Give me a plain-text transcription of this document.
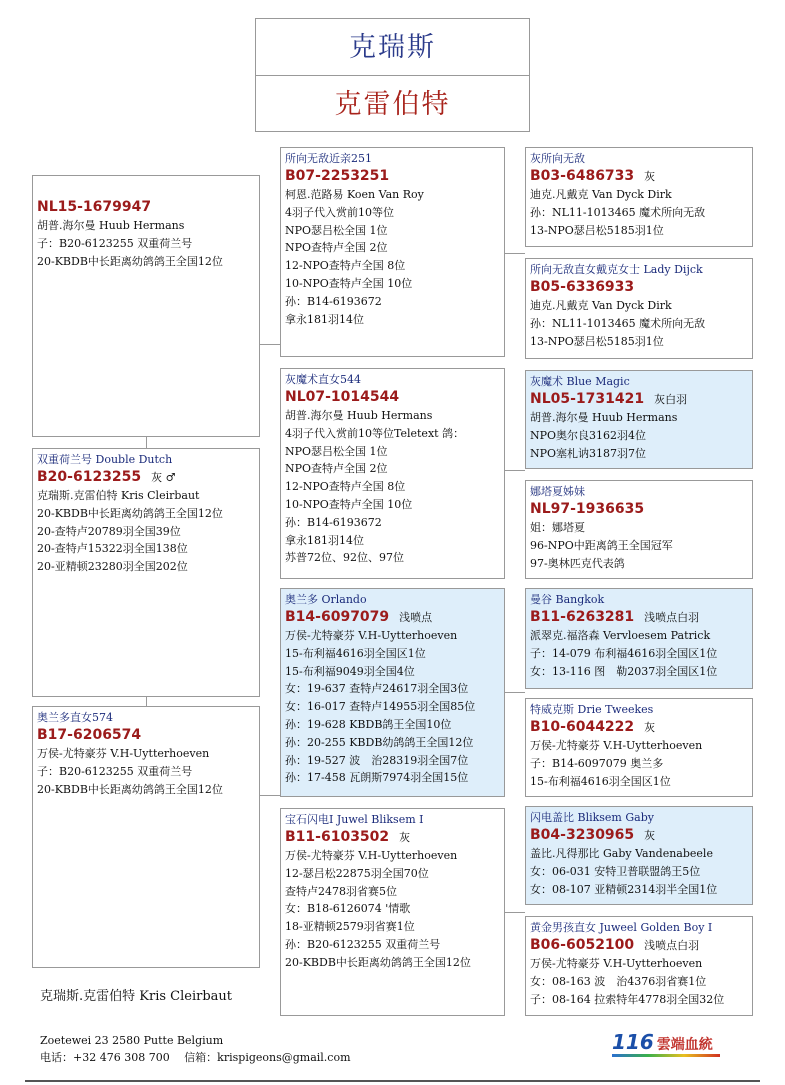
克瑞斯
克雷伯特
NL15-1679947
胡普.海尔曼 Huub Hermans
子：B20-6123255 双重荷兰号
20-KBDB中长距离幼鸽鸽王全国12位
双重荷兰号 Double Dutch
B20-6123255 灰 ♂
克瑞斯.克雷伯特 Kris Cleirbaut
20-KBDB中长距离幼鸽鸽王全国12位
20-查特卢20789羽全国39位
20-查特卢15322羽全国138位
20-亚精顿23280羽全国202位
奥兰多直女574
B17-6206574
万侯-尤特豪芬 V.H-Uytterhoeven
子：B20-6123255 双重荷兰号
20-KBDB中长距离幼鸽鸽王全国12位
所向无敌近亲251
B07-2253251
柯恩.范路易 Koen Van Roy
4羽子代入赏前10等位
NPO瑟吕松全国 1位
NPO查特卢全国 2位
12-NPO查特卢全国 8位
10-NPO查特卢全国 10位
孙：B14-6193672
拿永181羽14位
灰魔术直女544
NL07-1014544
胡普.海尔曼 Huub Hermans
4羽子代入赏前10等位Teletext 鸽：
NPO瑟吕松全国 1位
NPO查特卢全国 2位
12-NPO查特卢全国 8位
10-NPO查特卢全国 10位
孙：B14-6193672
拿永181羽14位
苏普72位、92位、97位
奥兰多 Orlando
B14-6097079 浅喷点
万侯-尤特豪芬 V.H-Uytterhoeven
15-布利福4616羽全国区1位
15-布利福9049羽全国4位
女：19-637 查特卢24617羽全国3位
女：16-017 查特卢14955羽全国85位
孙：19-628 KBDB鸽王全国10位
孙：20-255 KBDB幼鸽鸽王全国12位
孙：19-527 波　治28319羽全国7位
孙：17-458 瓦朗斯7974羽全国15位
宝石闪电I Juwel Bliksem I
B11-6103502 灰
万侯-尤特豪芬 V.H-Uytterhoeven
12-瑟吕松22875羽全国70位
查特卢2478羽省赛5位
女：B18-6126074 '情歌
18-亚精顿2579羽省赛1位
孙：B20-6123255 双重荷兰号
20-KBDB中长距离幼鸽鸽王全国12位
灰所向无敌
B03-6486733 灰
迪克.凡戴克 Van Dyck Dirk
孙：NL11-1013465 魔术所向无敌
13-NPO瑟吕松5185羽1位
所向无敌直女戴克女士 Lady Dijck
B05-6336933
迪克.凡戴克 Van Dyck Dirk
孙：NL11-1013465 魔术所向无敌
13-NPO瑟吕松5185羽1位
灰魔术 Blue Magic
NL05-1731421 灰白羽
胡普.海尔曼 Huub Hermans
NPO奥尔良3162羽4位
NPO塞札讷3187羽7位
娜塔夏姊妹
NL97-1936635
姐：娜塔夏
96-NPO中距离鸽王全国冠军
97-奥林匹克代表鸽
曼谷 Bangkok
B11-6263281 浅喷点白羽
派翠克.福洛森 Vervloesem Patrick
子：14-079 布利福4616羽全国区1位
女：13-116 图　勒2037羽全国区1位
特威克斯 Drie Tweekes
B10-6044222 灰
万侯-尤特豪芬 V.H-Uytterhoeven
子：B14-6097079 奥兰多
15-布利福4616羽全国区1位
闪电盖比 Bliksem Gaby
B04-3230965 灰
盖比.凡得那比 Gaby Vandenabeele
女：06-031 安特卫普联盟鸽王5位
女：08-107 亚精顿2314羽半全国1位
黄金男孩直女 Juweel Golden Boy I
B06-6052100 浅喷点白羽
万侯-尤特豪芬 V.H-Uytterhoeven
女：08-163 波　治4376羽省赛1位
子：08-164 拉索特年4778羽全国32位
克瑞斯.克雷伯特 Kris Cleirbaut
Zoetewei 23 2580 Putte Belgium
电话：+32 476 308 700　 信箱：krispigeons@gmail.com
116 雲端血統
